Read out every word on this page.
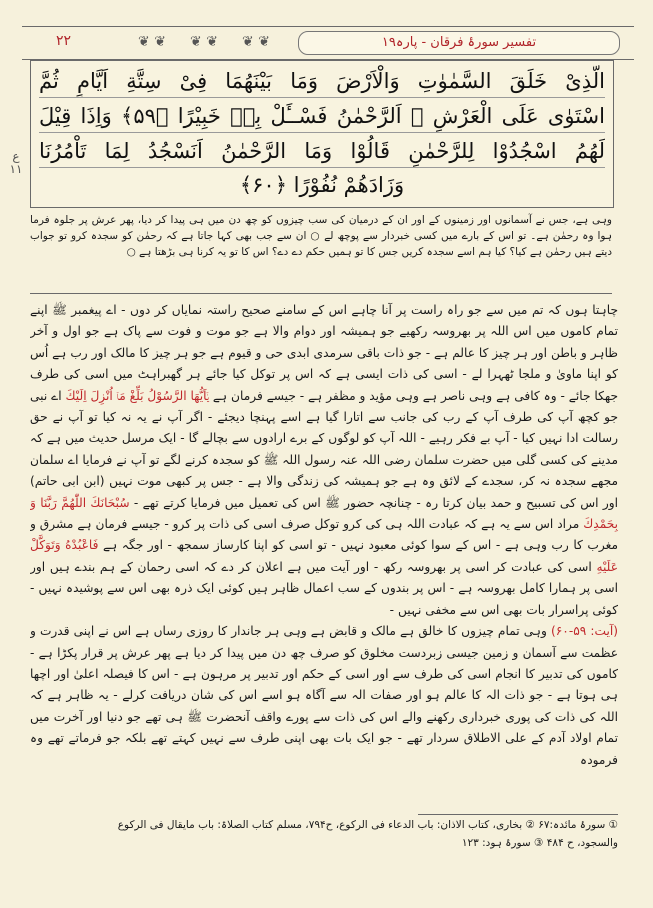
۲۲	❦ ❦	❦ ❦	❦ ❦	تفسیر سورۂ فرقان - پارہ۱۹
الَّذِیْ خَلَقَ السَّمٰوٰتِ وَالْاَرْضَ وَمَا بَیْنَهُمَا فِیْ سِتَّةِ اَیَّامٍ ثُمَّ
اسْتَوٰی عَلَی الْعَرْشِ ۚ اَلرَّحْمٰنُ فَسْــَٔلْ بِهٖ خَبِیْرًا ﴿۵۹﴾ وَاِذَا قِیْلَ
لَهُمُ اسْجُدُوْا لِلرَّحْمٰنِ قَالُوْا وَمَا الرَّحْمٰنُ اَنَسْجُدُ لِمَا تَاْمُرُنَا
وَزَادَهُمْ نُفُوْرًا ﴿۶۰﴾
ع ۱۱
وہی ہے، جس نے آسمانوں اور زمینوں کے اور ان کے درمیان کی سب چیزوں کو چھ دن میں ہی پیدا کر دیا، پھر عرش پر جلوہ فرما ہوا وہ رحمٰن ہے۔ تو اس کے بارے میں کسی خبردار سے پوچھ لے ○ ان سے جب بھی کہا جاتا ہے کہ رحمٰن کو سجدہ کرو تو جواب دیتے ہیں رحمٰن ہے کیا؟ کیا ہم اسے سجدہ کریں جس کا تو ہمیں حکم دے دے؟ اس کا تو یہ کرنا ہی بڑھتا ہے ○

چاہتا ہوں کہ تم میں سے جو راہ راست پر آنا چاہے اس کے سامنے صحیح راستہ نمایاں کر دوں - اے پیغمبر ﷺ اپنے تمام کاموں میں اس اللہ پر بھروسہ رکھیے جو ہمیشہ اور دوام والا ہے جو موت و فوت سے پاک ہے جو اول و آخر ظاہر و باطن اور ہر چیز کا عالم ہے - جو ذات باقی سرمدی ابدی حی و قیوم ہے جو ہر چیز کا مالک اور رب ہے اُس کو اپنا ماویٰ و ملجا ٹھہرا لے - اسی کی ذات ایسی ہے کہ اس پر توکل کیا جائے ہر گھبراہٹ میں اسی کی طرف جھکا جائے - وہ کافی ہے وہی ناصر ہے وہی مؤید و مظفر ہے - جیسے فرمان ہے يٰۤاَيُّهَا الرَّسُوْلُ بَلِّغْ مَاۤ اُنْزِلَ اِلَيْكَ اے نبی جو کچھ آپ کی طرف آپ کے رب کی جانب سے اتارا گیا ہے اسے پہنچا دیجئے - اگر آپ نے یہ نہ کیا تو آپ نے حق رسالت ادا نہیں کیا - آپ بے فکر رہیے - اللہ آپ کو لوگوں کے برے ارادوں سے بچالے گا - ایک مرسل حدیث میں ہے کہ مدینے کی کسی گلی میں حضرت سلمان رضی اللہ عنہ رسول اللہ ﷺ کو سجدہ کرنے لگے تو آپ نے فرمایا اے سلمان مجھے سجدہ نہ کر، سجدے کے لائق وہ ہے جو ہمیشہ کی زندگی والا ہے - جس پر کبھی موت نہیں (ابن ابی حاتم) اور اس کی تسبیح و حمد بیان کرتا رہ - چنانچہ حضور ﷺ اس کی تعمیل میں فرمایا کرتے تھے - سُبْحَانَكَ اللّٰهُمَّ رَبَّنَا وَ بِحَمْدِكَ مراد اس سے یہ ہے کہ عبادت اللہ ہی کی کرو توکل صرف اسی کی ذات پر کرو - جیسے فرمان ہے مشرق و مغرب کا رب وہی ہے - اس کے سوا کوئی معبود نہیں - تو اسی کو اپنا کارساز سمجھ - اور جگہ ہے فَاعْبُدْهُ وَتَوَكَّلْ عَلَيْهِ اسی کی عبادت کر اسی پر بھروسہ رکھ - اور آیت میں ہے اعلان کر دے کہ اسی رحمان کے ہم بندے ہیں اور اسی پر ہمارا کامل بھروسہ ہے - اس پر بندوں کے سب اعمال ظاہر ہیں کوئی ایک ذرہ بھی اس سے پوشیدہ نہیں - کوئی پراسرار بات بھی اس سے مخفی نہیں -

(آیت: ۵۹-۶۰) وہی تمام چیزوں کا خالق ہے مالک و قابض ہے وہی ہر جاندار کا روزی رساں ہے اس نے اپنی قدرت و عظمت سے آسمان و زمین جیسی زبردست مخلوق کو صرف چھ دن میں پیدا کر دیا ہے پھر عرش پر قرار پکڑا ہے - کاموں کی تدبیر کا انجام اسی کی طرف سے اور اسی کے حکم اور تدبیر پر مرہون ہے - اس کا فیصلہ اعلیٰ اور اچھا ہی ہوتا ہے - جو ذات الہ کا عالم ہو اور صفات الہ سے آگاہ ہو اسے اس کی شان دریافت کرلے - یہ ظاہر ہے کہ اللہ کی ذات کی پوری خبرداری رکھنے والے اس کی ذات سے پورے واقف آنحضرت ﷺ ہی تھے جو دنیا اور آخرت میں تمام اولاد آدم کے علی الاطلاق سردار تھے - جو ایک بات بھی اپنی طرف سے نہیں کہتے تھے بلکہ جو فرماتے تھے وہ فرمودہ

① سورۂ مائدہ:۶۷ ② بخاری، کتاب الاذان: باب الدعاء فی الرکوع، ح۷۹۴، مسلم کتاب الصلاۃ: باب مایقال فی الرکوع
والسجود، ح ۴۸۴ ③ سورۂ ہود: ۱۲۳
